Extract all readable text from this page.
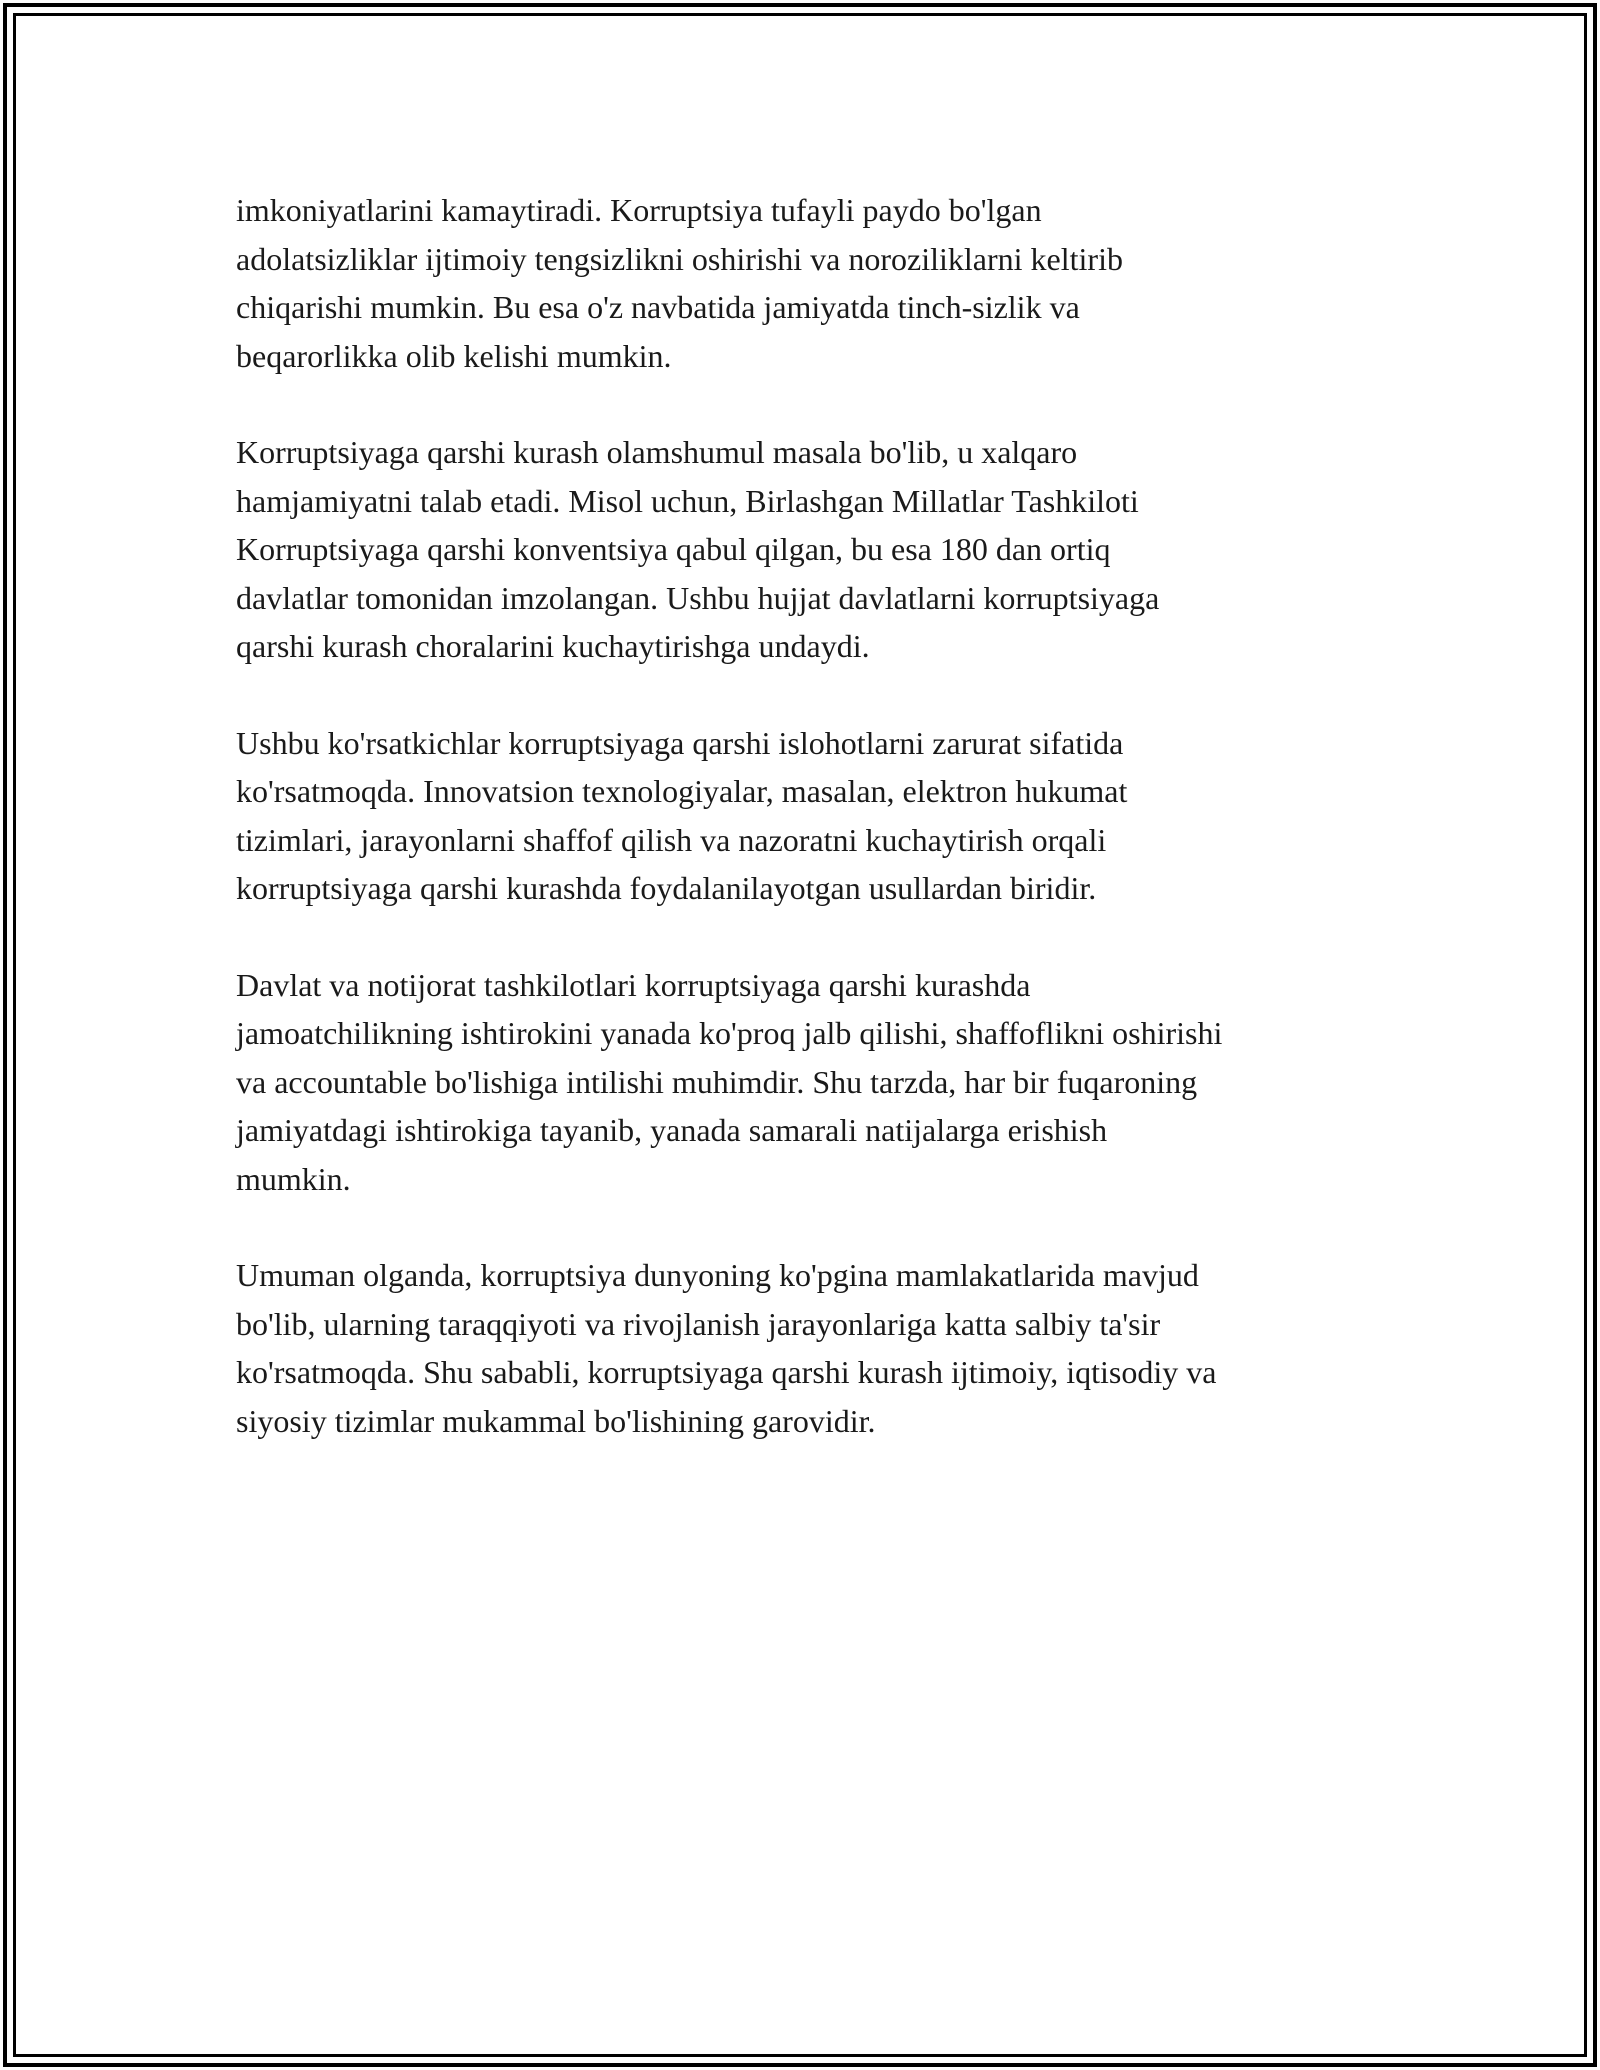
imkoniyatlarini kamaytiradi. Korruptsiya tufayli paydo bo'lgan
adolatsizliklar ijtimoiy tengsizlikni oshirishi va noroziliklarni keltirib
chiqarishi mumkin. Bu esa o'z navbatida jamiyatda tinch-sizlik va
beqarorlikka olib kelishi mumkin.

Korruptsiyaga qarshi kurash olamshumul masala bo'lib, u xalqaro
hamjamiyatni talab etadi. Misol uchun, Birlashgan Millatlar Tashkiloti
Korruptsiyaga qarshi konventsiya qabul qilgan, bu esa 180 dan ortiq
davlatlar tomonidan imzolangan. Ushbu hujjat davlatlarni korruptsiyaga
qarshi kurash choralarini kuchaytirishga undaydi.

Ushbu ko'rsatkichlar korruptsiyaga qarshi islohotlarni zarurat sifatida
ko'rsatmoqda. Innovatsion texnologiyalar, masalan, elektron hukumat
tizimlari, jarayonlarni shaffof qilish va nazoratni kuchaytirish orqali
korruptsiyaga qarshi kurashda foydalanilayotgan usullardan biridir.

Davlat va notijorat tashkilotlari korruptsiyaga qarshi kurashda
jamoatchilikning ishtirokini yanada ko'proq jalb qilishi, shaffoflikni oshirishi
va accountable bo'lishiga intilishi muhimdir. Shu tarzda, har bir fuqaroning
jamiyatdagi ishtirokiga tayanib, yanada samarali natijalarga erishish
mumkin.

Umuman olganda, korruptsiya dunyoning ko'pgina mamlakatlarida mavjud
bo'lib, ularning taraqqiyoti va rivojlanish jarayonlariga katta salbiy ta'sir
ko'rsatmoqda. Shu sababli, korruptsiyaga qarshi kurash ijtimoiy, iqtisodiy va
siyosiy tizimlar mukammal bo'lishining garovidir.
